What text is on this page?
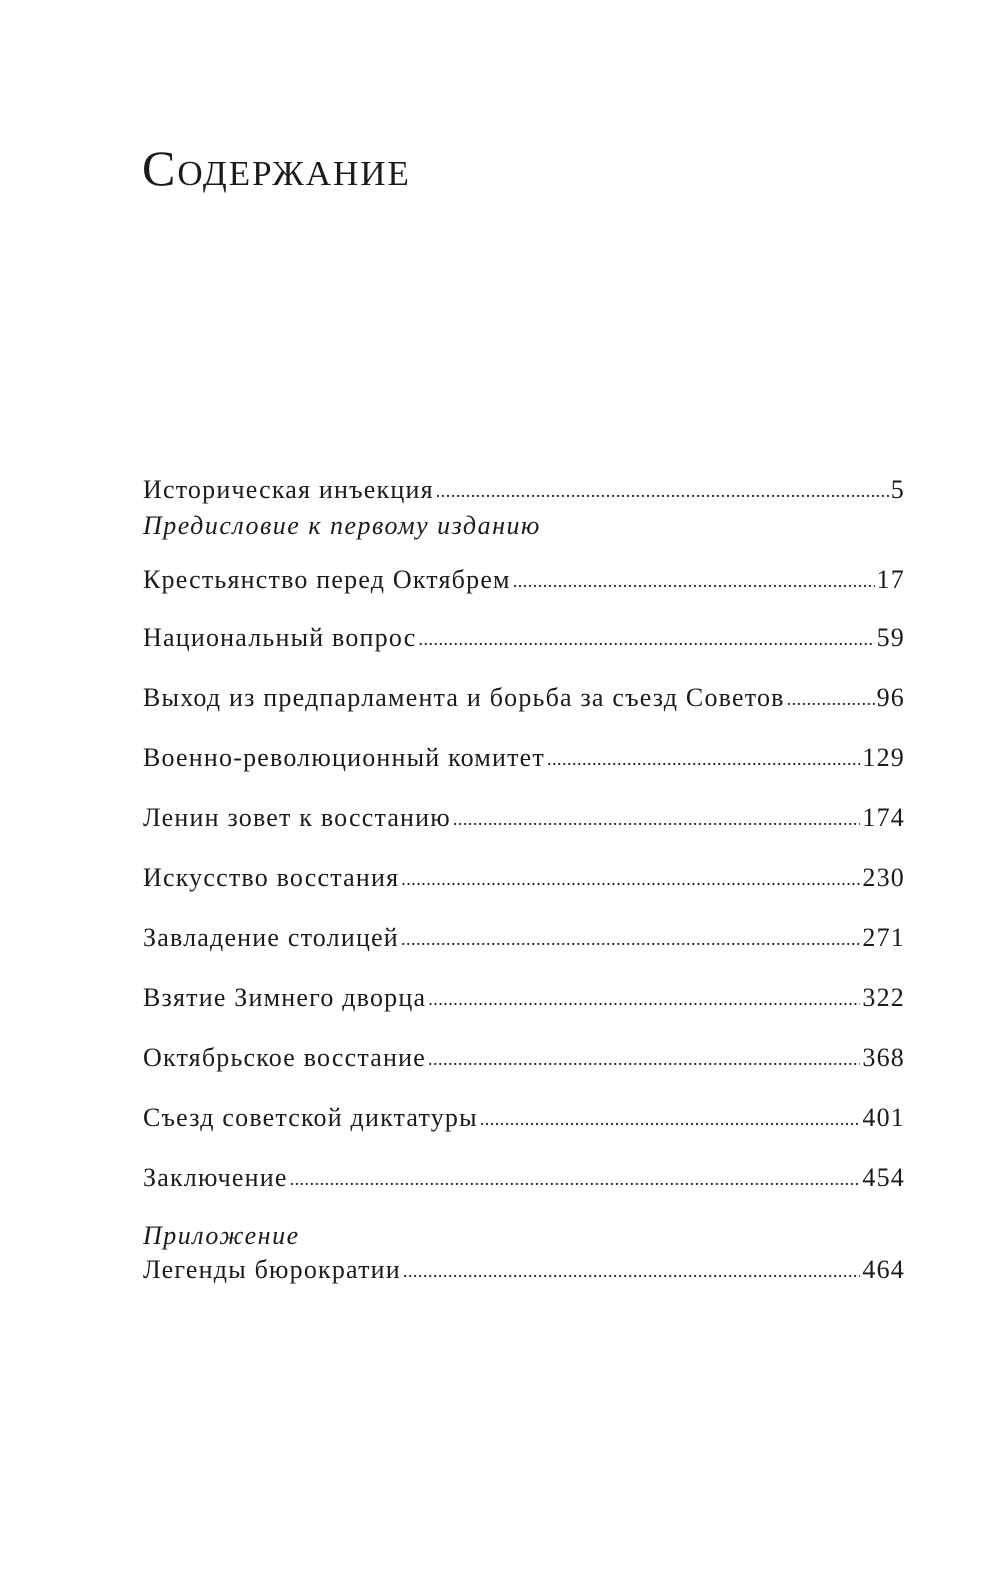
Содержание
Историческая инъекция .....	5
Предисловие к первому изданию
Крестьянство перед Октябрем .....	17
Национальный вопрос .....	59
Выход из предпарламента и борьба за съезд Советов .....	96
Военно-революционный комитет .....	129
Ленин зовет к восстанию .....	174
Искусство восстания .....	230
Завладение столицей .....	271
Взятие Зимнего дворца .....	322
Октябрьское восстание .....	368
Съезд советской диктатуры .....	401
Заключение .....	454
Приложение
Легенды бюрократии .....	464
